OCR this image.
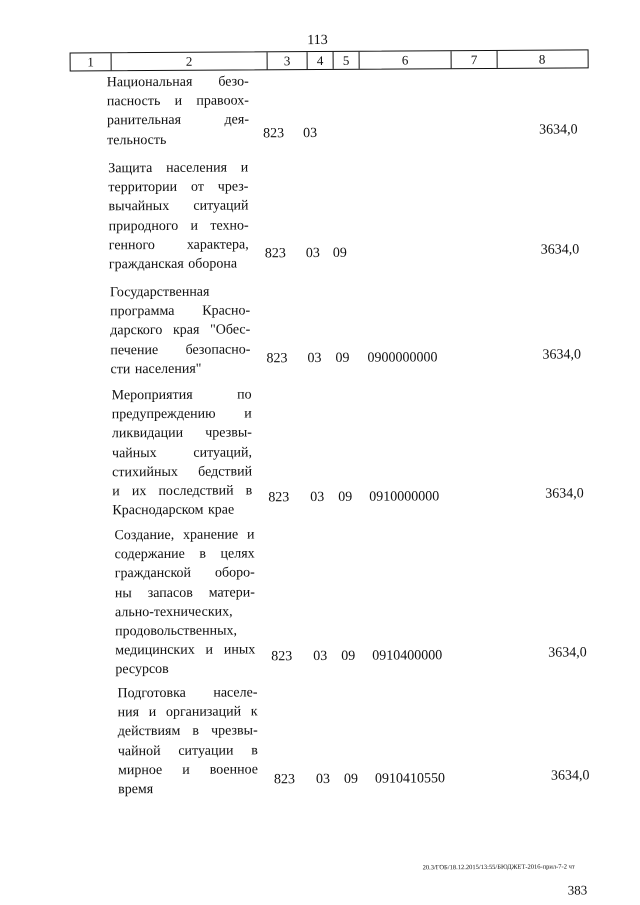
113
1	2	3	4	5	6	7	8
Национальная безо-
пасность и правоох-
ранительная дея-
тельность	823 03	3634,0
Защита населения и
территории от чрез-
вычайных ситуаций
природного и техно-
генного характера,
гражданская оборона
823 03 09	3634,0
Государственная
программа Красно-
дарского края "Обес-
печение безопасно-
сти населения"
823 03 09 0900000000	3634,0
Мероприятия по
предупреждению и
ликвидации чрезвы-
чайных ситуаций,
стихийных бедствий
и их последствий в
Краснодарском крае
823 03 09 0910000000	3634,0
Создание, хранение и
содержание в целях
гражданской оборо-
ны запасов матери-
ально-технических,
продовольственных,
медицинских и иных
ресурсов
823 03 09 0910400000	3634,0
Подготовка населе-
ния и организаций к
действиям в чрезвы-
чайной ситуации в
мирное и военное
время
823 03 09 0910410550	3634,0
20.3/ГОБ/18.12.2015/13:55/БЮДЖЕТ-2016-прил-7-2 чт
383
